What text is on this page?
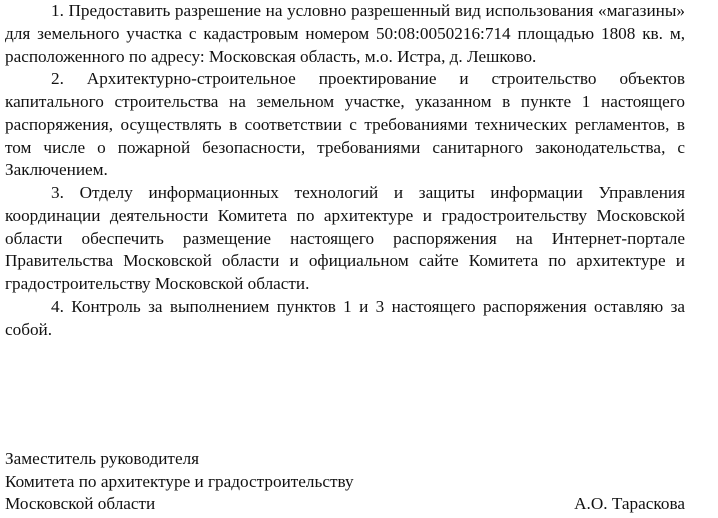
1. Предоставить разрешение на условно разрешенный вид использования «магазины» для земельного участка с кадастровым номером 50:08:0050216:714 площадью 1808 кв. м, расположенного по адресу: Московская область, м.о. Истра, д. Лешково.

2. Архитектурно-строительное проектирование и строительство объектов капитального строительства на земельном участке, указанном в пункте 1 настоящего распоряжения, осуществлять в соответствии с требованиями технических регламентов, в том числе о пожарной безопасности, требованиями санитарного законодательства, с Заключением.

3. Отделу информационных технологий и защиты информации Управления координации деятельности Комитета по архитектуре и градостроительству Московской области обеспечить размещение настоящего распоряжения на Интернет-портале Правительства Московской области и официальном сайте Комитета по архитектуре и градостроительству Московской области.

4. Контроль за выполнением пунктов 1 и 3 настоящего распоряжения оставляю за собой.

Заместитель руководителя
Комитета по архитектуре и градостроительству
Московской области	А.О. Тараскова
